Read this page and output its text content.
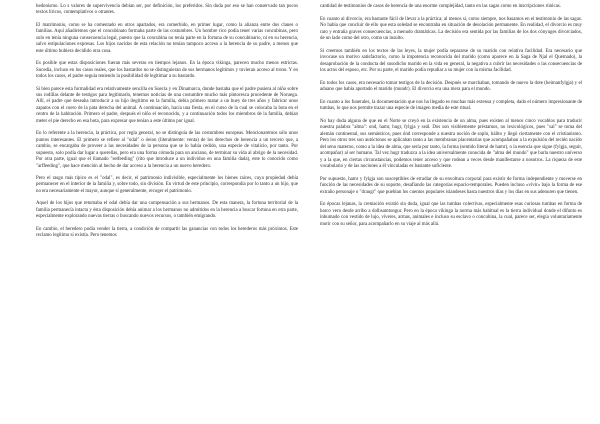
hedonismo. Lo s valores de supervivencia debían ser, por definición, los preferidos. Sin duda por eso se han conservado tan pocos textos líricos, contemplativos o otrantes.

El matrimonio, como se ha comentado en otros apartados, era comerbido, en primer lugar, como la alianza entre dos clanes o familias. Aquí añadiremos que el concubinato formaba parte de las costumbres. Un hombre rico podía tener varias concubinas, pero solo en tenía ninguna consecuencia legal, puesto que la concubina no tenía parte en la fortuna de su concubinario, ni en su herencia, salvo estipulaciones expresas. Los hijos nacidos de esta relación no tenían tampoco acceso a la herencia de su padre, a menos que este último hubiera decidido otra cosa.

Es posible que estas disposiciones fueran más severas en tiempos lejanos. En la época vikinga, parecen mucho menos estrictas. Sucedía, incluso en los casos reales, que los bastardos no se distinguieran de sus hermanos legítimos y tuvieran acceso al trono. Y en todos los casos, el padre seguía teniendo la posibilidad de legitimar a su bastardo.

Si bien parece esta formalidad era relativamente sencilla en Suecia y en Dinamarca, donde bastaba que el padre pusiera al niño sobre sus rodillas delante de testigos para legitimarlo, tenemos noticias de una costumbre mucho más pintoresca procedente de Noruega. Allí, el padre que deseaba introducir a su hijo ilegítimo en la familia, debía primero matar a un buey de tres años y fabricar unos zapatos con el cuero de la pata derecha del animal. A continuación, hacía una fiesta, en el curso de la cual se colocaba la bota en el centro de la habitación. Primero el padre, después el niño el reconocido, y a continuación todos los miembros de la familia, debían meter el pie derecho en esa bota, para expresar que tenían a este último por igual.

En lo referente a la herencia, la práctica, por regla general, no se distinguía de las costumbres europeas. Mencionaremos sólo unos puntos interesantes. El primero se refiere al "odal" o óeion (literalmente: venta) de los derechos de herencia a un tercero que, a cambio, se encargaba de proveer a las necesidades de la persona que se lo había cedido, una especie de vitalicio, por tanto. Por supuesto, solo podía dar lugar a querellas, pero era una forma cómoda para un anciano, de terminar su vida al abrigo de la necesidad. Por otra parte, igual que el llamado "setfeeding" (rito que introduce a un individuo en una familia dada), este lo conocido como "arffeeding", que hace mención al hecho de dar acceso a la herencia a un nuevo heredero.

Pero el rasgo más típico es el "odal", es decir, el patrimonio indivisible, especialmente los bienes raíces, cuya propiedad debía permanecer en el interior de la familia y, sobre todo, sin división. En virtud de este principio, correspondía por lo tanto a un hijo, que no era necesariamente el mayor, aunque sí generalmente, recoger el patrimonio.

Aquel de los hijos que retomaba el odal debía dar una compensación a sus hermanos. De esta manera, la fortuna territorial de la familia permanecía intacta y ésta disposición debía animar a los hermanos no admitidos en la herencia a buscar fortuna en otra parte, especialmente explorando nuevas tierras o buscando nuevos recursos, o también emigrando.

En cambio, el heredero podía vender la tierra, a condición de compartir las ganancias con todos los herederos más próximos. Este reclamo legítimo si existía. Pero tenemos

cantidad de testimonios de casos de herencia de una enorme complejidad, tanto en las sagas como en inscripciones rúnicas.

En cuanto al divorcio, era bastante fácil de llevar a la práctica; al menos si, como siempre, nos basamos en el testimonio de las sagas. No había que concluir de ello que esta soledad se encontraba en situación de desolación permanente. En realidad, el divorcio es muy raro y entraña graves consecuencias, a menudo dramáticas. La decisión era sentida por las familias de los dos cónyuges divorciados, de un lado como del otro, como un insulto.

Si creemos también en los textos de las leyes, la mujer podía separarse de su marido con relativa facilidad. Era necesario que invocase un motivo satisfactorio, como la impotencia reconocida del marido (como aparece en la Saga de Njal el Quemado), la desaprobación de la conducta del susodicho marido en la vida en general, la negativa a cubrir las necesidades o las consecuencias de los actos del esposo, etc. Por su parte, el marido podía repudiar a su mujer con la misma facilidad.

En todos los casos, era necesario tomar testigos de la decisión. Después se marchaban, tomando de nuevo la dote (heimanfylgja) y el aduano que había aportado el marido (mundr). El divorcio era una mera para el mundo.

En cuanto a los funerales, la documentación que nos ha llegado es muchas más extensa y completa, dado el número impresionante de tumbas, lo que nos permite trazar una especie de imagen media de este ritual.

No hay duda alguna de que en el Norte se creyó en la existencia de un alma, pues existen al menos cinco vocablos para traducir nuestra palabra "alma": ond, hamr, hugr, fylgja y seál. Dos son visiblemente préstamos, no lexicológicos, pues "sal" se toma del alemán continental, sus semánticos, pues ónd corresponde a nuestra noción de soplo, hálito y llegó ciertamente con el cristianismo. Pero los otros tres son autóctonos se aplicaban tanto a las membranas placentarias que acompañaban a la expulsión del recién nacido del seno materno, como a la idea de alma, que sería por tanto, la forma (sentido literal de hamr), o la esencia que sigue (fylgja, seguir, acompañar) al ser humano. Tal vez hugr traduzca a la idea universalmente conocida de "alma del mundo" que barla nuestro universo y a la que, en ciertas circunstancias, podemos tener acceso y que rodean a veces desde manifestarse a nosotros. La riqueza de este vocabulario y de las nociones a él vinculadas es bastante suficiente.

Por supuesto, hamr y fylgja son susceptibles de erradiar de su envoltura corporal para existir de forma independiente y moverse en función de las necesidades de su soporte, desafiando las categorías espacio-temporales. Pueden incluso «vivir» bajo la forma de ese extraño personaje o "draugr" que pueblan los cuentos populares islandeses hasta nuestros días y los días en sus adenuren que tienen.

En épocas lejanas, la cremación existió sin duda, igual que las tumbas colectivas, especialmente esas curiosas tumbas en forma de barco vero desde arribo a dolbsamtongur. Pero en la época vikinga la norma más habitual es la tierra individual donde el difunto es inhumado con vestido de lujo, víveres, armas, animales e incluso su esclavo o concubina, la cual, parece ser, elegía voluntariamente morir con su señor, para acompañarlo en su viaje al más allá.
